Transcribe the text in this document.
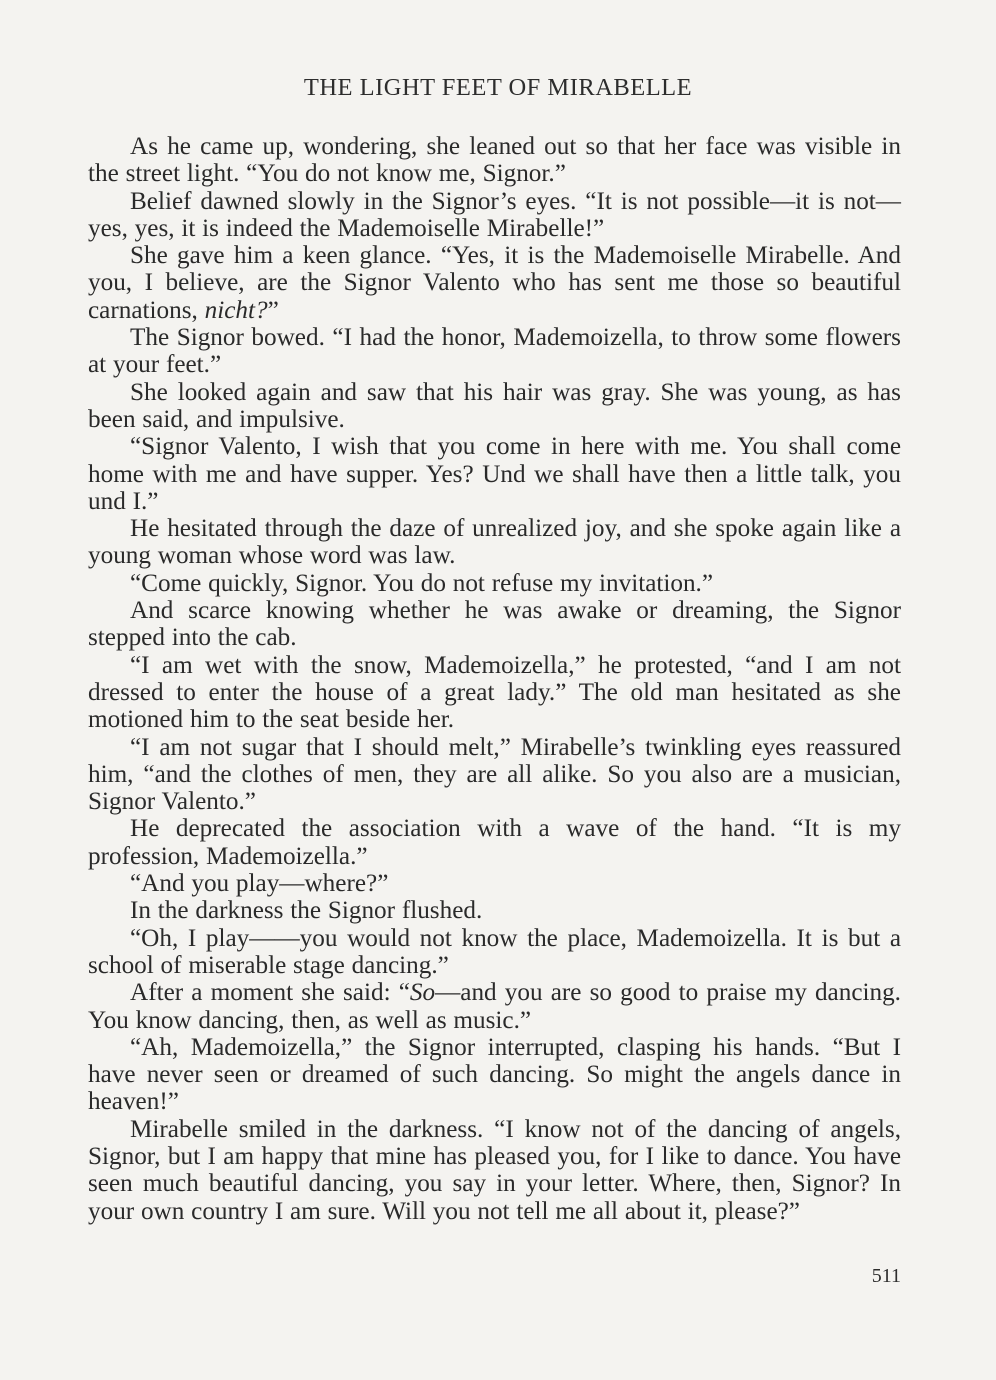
THE LIGHT FEET OF MIRABELLE

As he came up, wondering, she leaned out so that her face was visible in the street light. “You do not know me, Signor.”

Belief dawned slowly in the Signor’s eyes. “It is not possible—it is not—yes, yes, it is indeed the Mademoiselle Mirabelle!”

She gave him a keen glance. “Yes, it is the Mademoiselle Mirabelle. And you, I believe, are the Signor Valento who has sent me those so beautiful carnations, nicht?”

The Signor bowed. “I had the honor, Mademoizella, to throw some flowers at your feet.”

She looked again and saw that his hair was gray. She was young, as has been said, and impulsive.

“Signor Valento, I wish that you come in here with me. You shall come home with me and have supper. Yes? Und we shall have then a little talk, you und I.”

He hesitated through the daze of unrealized joy, and she spoke again like a young woman whose word was law.

“Come quickly, Signor. You do not refuse my invitation.”

And scarce knowing whether he was awake or dreaming, the Signor stepped into the cab.

“I am wet with the snow, Mademoizella,” he protested, “and I am not dressed to enter the house of a great lady.” The old man hesitated as she motioned him to the seat beside her.

“I am not sugar that I should melt,” Mirabelle’s twinkling eyes reassured him, “and the clothes of men, they are all alike. So you also are a musician, Signor Valento.”

He deprecated the association with a wave of the hand. “It is my profession, Mademoizella.”

“And you play—where?”

In the darkness the Signor flushed.

“Oh, I play——you would not know the place, Mademoizella. It is but a school of miserable stage dancing.”

After a moment she said: “So—and you are so good to praise my dancing. You know dancing, then, as well as music.”

“Ah, Mademoizella,” the Signor interrupted, clasping his hands. “But I have never seen or dreamed of such dancing. So might the angels dance in heaven!”

Mirabelle smiled in the darkness. “I know not of the dancing of angels, Signor, but I am happy that mine has pleased you, for I like to dance. You have seen much beautiful dancing, you say in your letter. Where, then, Signor? In your own country I am sure. Will you not tell me all about it, please?”

511
